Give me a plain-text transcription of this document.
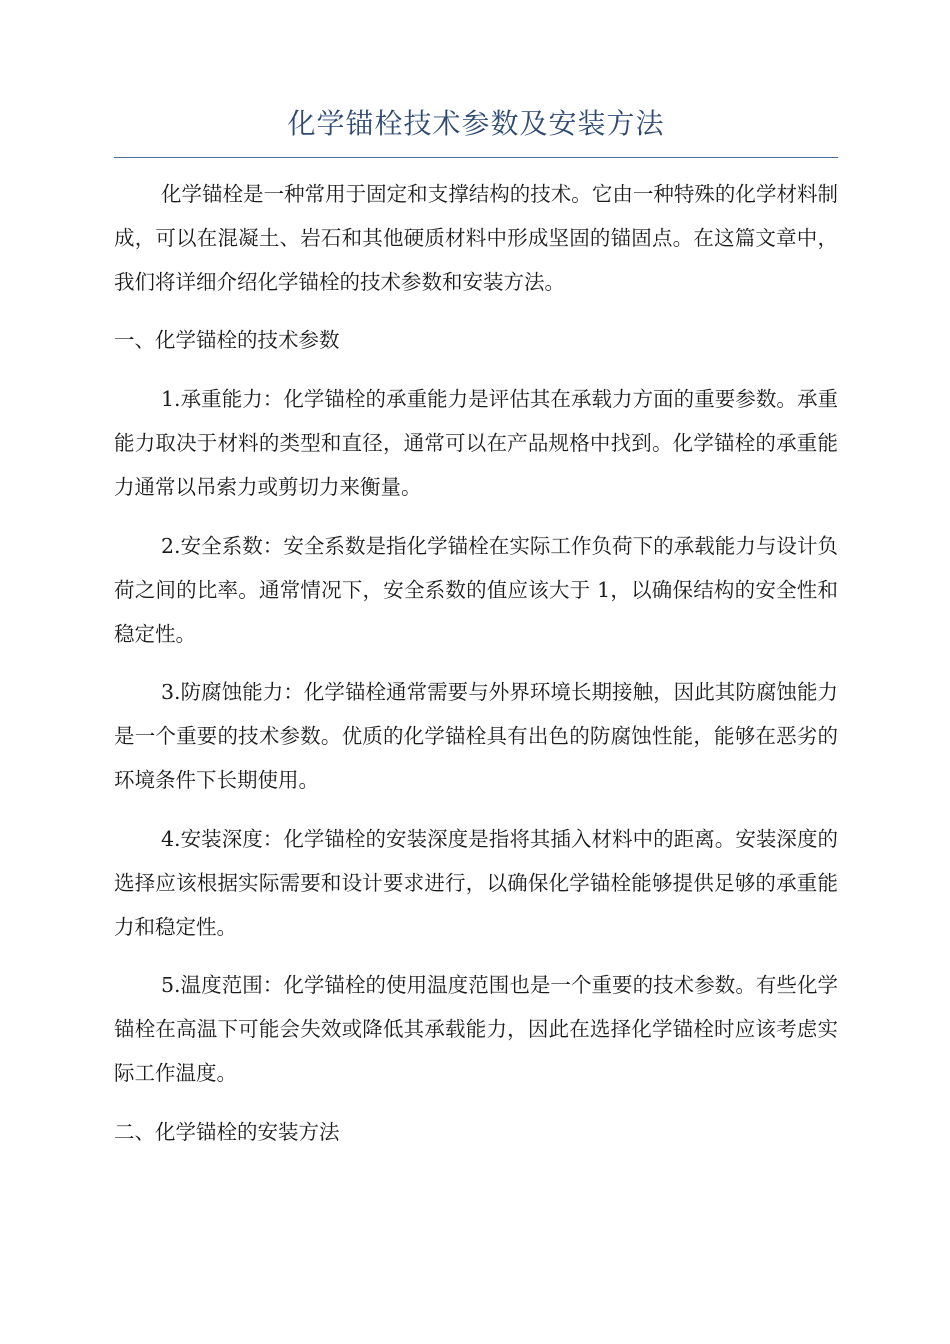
化学锚栓技术参数及安装方法

化学锚栓是一种常用于固定和支撑结构的技术。它由一种特殊的化学材料制成，可以在混凝土、岩石和其他硬质材料中形成坚固的锚固点。在这篇文章中，我们将详细介绍化学锚栓的技术参数和安装方法。

一、化学锚栓的技术参数

1.承重能力：化学锚栓的承重能力是评估其在承载力方面的重要参数。承重能力取决于材料的类型和直径，通常可以在产品规格中找到。化学锚栓的承重能力通常以吊索力或剪切力来衡量。

2.安全系数：安全系数是指化学锚栓在实际工作负荷下的承载能力与设计负荷之间的比率。通常情况下，安全系数的值应该大于 1，以确保结构的安全性和稳定性。

3.防腐蚀能力：化学锚栓通常需要与外界环境长期接触，因此其防腐蚀能力是一个重要的技术参数。优质的化学锚栓具有出色的防腐蚀性能，能够在恶劣的环境条件下长期使用。

4.安装深度：化学锚栓的安装深度是指将其插入材料中的距离。安装深度的选择应该根据实际需要和设计要求进行，以确保化学锚栓能够提供足够的承重能力和稳定性。

5.温度范围：化学锚栓的使用温度范围也是一个重要的技术参数。有些化学锚栓在高温下可能会失效或降低其承载能力，因此在选择化学锚栓时应该考虑实际工作温度。

二、化学锚栓的安装方法
